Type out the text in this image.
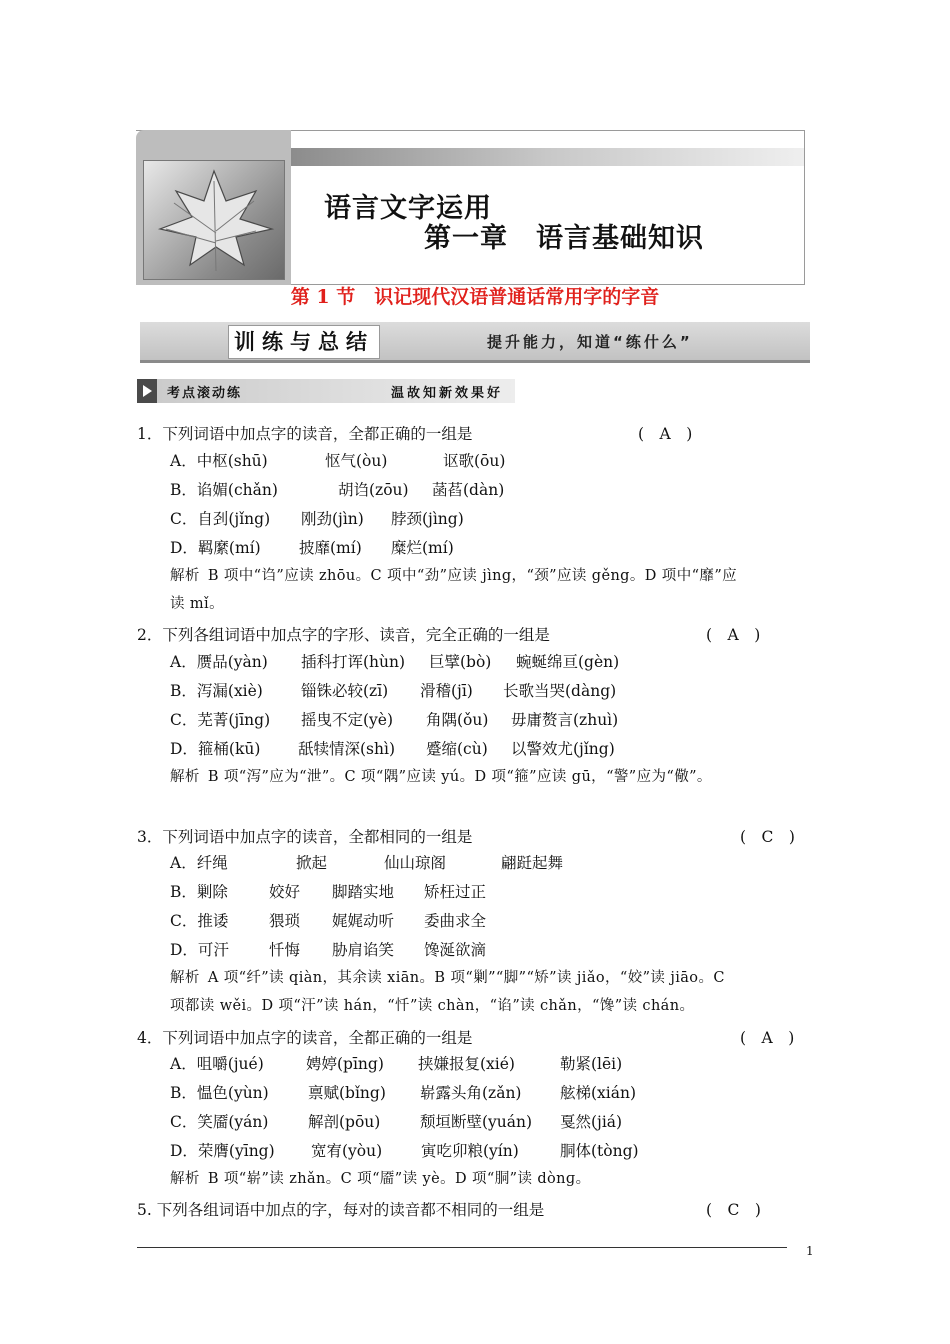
语言文字运用
第一章　语言基础知识
第 1 节　识记现代汉语普通话常用字的字音
训练与总结	提升能力，知道“练什么”
考点滚动练	温故知新效果好
1．下列词语中加点字的读音，全都正确的一组是	(　A　)
A．中枢(shū)	怄气(òu)	讴歌(ōu)
B．谄媚(chǎn)	胡诌(zōu) 菡萏(dàn)
C．自刭(jǐng) 刚劲(jìn) 脖颈(jìng)
D．羁縻(mí) 披靡(mí) 糜烂(mí)
解析 B 项中“诌”应读 zhōu。C 项中“劲”应读 jìng，“颈”应读 gěng。D 项中“靡”应
读 mǐ。
2．下列各组词语中加点字的字形、读音，完全正确的一组是	(　A　)
A．赝品(yàn) 插科打诨(hùn) 巨擘(bò) 蜿蜒绵亘(gèn)
B．泻漏(xiè) 锱铢必较(zī) 滑稽(jī) 长歌当哭(dàng)
C．芜菁(jīng) 摇曳不定(yè) 角隅(ǒu) 毋庸赘言(zhuì)
D．箍桶(kū) 舐犊情深(shì) 蹙缩(cù) 以警效尤(jǐng)
解析 B 项“泻”应为“泄”。C 项“隅”应读 yú。D 项“箍”应读 gū，“警”应为“儆”。
3．下列词语中加点字的读音，全都相同的一组是	(　C　)
A．纤绳	掀起	仙山琼阁	翩跹起舞
B．剿除	姣好 脚踏实地 矫枉过正
C．推诿	猥琐 娓娓动听 委曲求全
D．可汗	忏悔 胁肩谄笑 馋涎欲滴
解析 A 项“纤”读 qiàn，其余读 xiān。B 项“剿”“脚”“矫”读 jiǎo，“姣”读 jiāo。C
项都读 wěi。D 项“汗”读 hán，“忏”读 chàn，“谄”读 chǎn，“馋”读 chán。
4．下列词语中加点字的读音，全都正确的一组是	(　A　)
A．咀嚼(jué)	娉婷(pīng) 挟嫌报复(xié)	勒紧(lēi)
B．愠色(yùn)	禀赋(bǐng) 崭露头角(zǎn) 舷梯(xián)
C．笑靥(yán)	解剖(pōu)	颓垣断壁(yuán) 戛然(jiá)
D．荣膺(yīng) 宽宥(yòu)	寅吃卯粮(yín)	胴体(tòng)
解析 B 项“崭”读 zhǎn。C 项“靥”读 yè。D 项“胴”读 dònɡ。
5. 下列各组词语中加点的字，每对的读音都不相同的一组是	(　C　)
1
